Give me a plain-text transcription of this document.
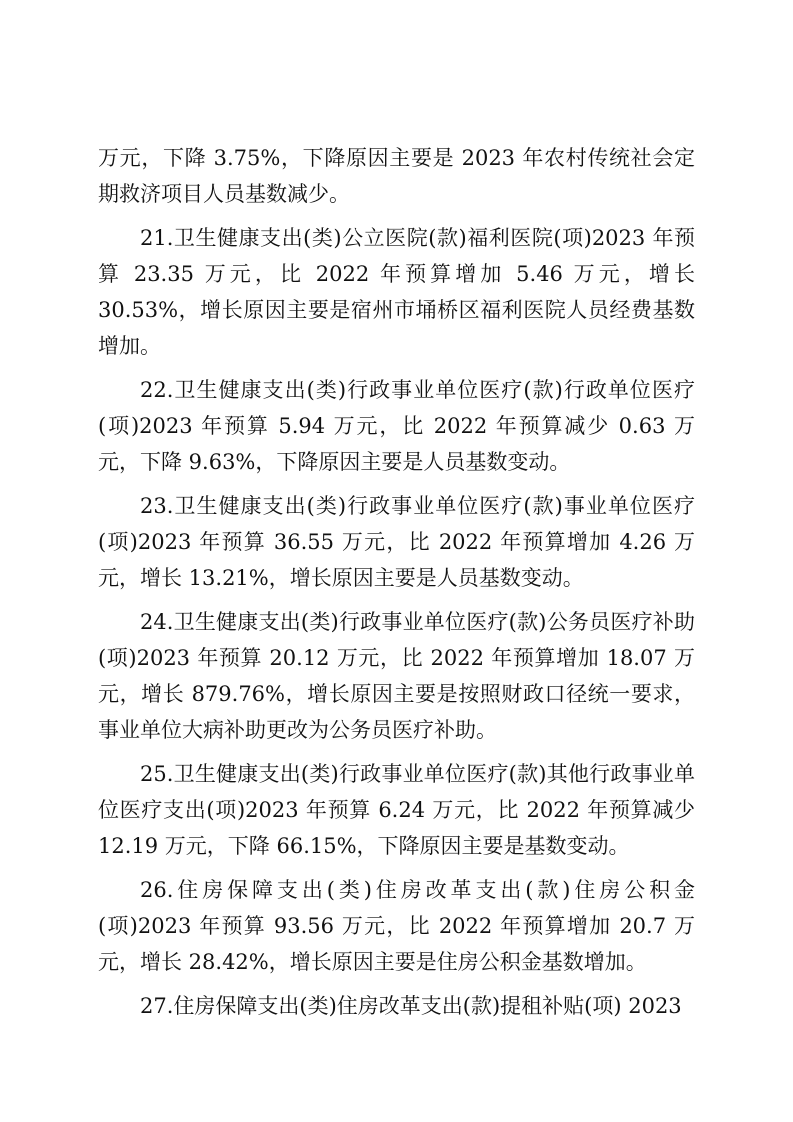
万元，下降 3.75%，下降原因主要是 2023 年农村传统社会定期救济项目人员基数减少。

21.卫生健康支出(类)公立医院(款)福利医院(项)2023 年预算 23.35 万元，比 2022 年预算增加 5.46 万元，增长 30.53%，增长原因主要是宿州市埇桥区福利医院人员经费基数增加。

22.卫生健康支出(类)行政事业单位医疗(款)行政单位医疗(项)2023 年预算 5.94 万元，比 2022 年预算减少 0.63 万元，下降 9.63%，下降原因主要是人员基数变动。

23.卫生健康支出(类)行政事业单位医疗(款)事业单位医疗(项)2023 年预算 36.55 万元，比 2022 年预算增加 4.26 万元，增长 13.21%，增长原因主要是人员基数变动。

24.卫生健康支出(类)行政事业单位医疗(款)公务员医疗补助(项)2023 年预算 20.12 万元，比 2022 年预算增加 18.07 万元，增长 879.76%，增长原因主要是按照财政口径统一要求，事业单位大病补助更改为公务员医疗补助。

25.卫生健康支出(类)行政事业单位医疗(款)其他行政事业单位医疗支出(项)2023 年预算 6.24 万元，比 2022 年预算减少 12.19 万元，下降 66.15%，下降原因主要是基数变动。

26.住房保障支出(类)住房改革支出(款)住房公积金(项)2023 年预算 93.56 万元，比 2022 年预算增加 20.7 万元，增长 28.42%，增长原因主要是住房公积金基数增加。

27.住房保障支出(类)住房改革支出(款)提租补贴(项) 2023
